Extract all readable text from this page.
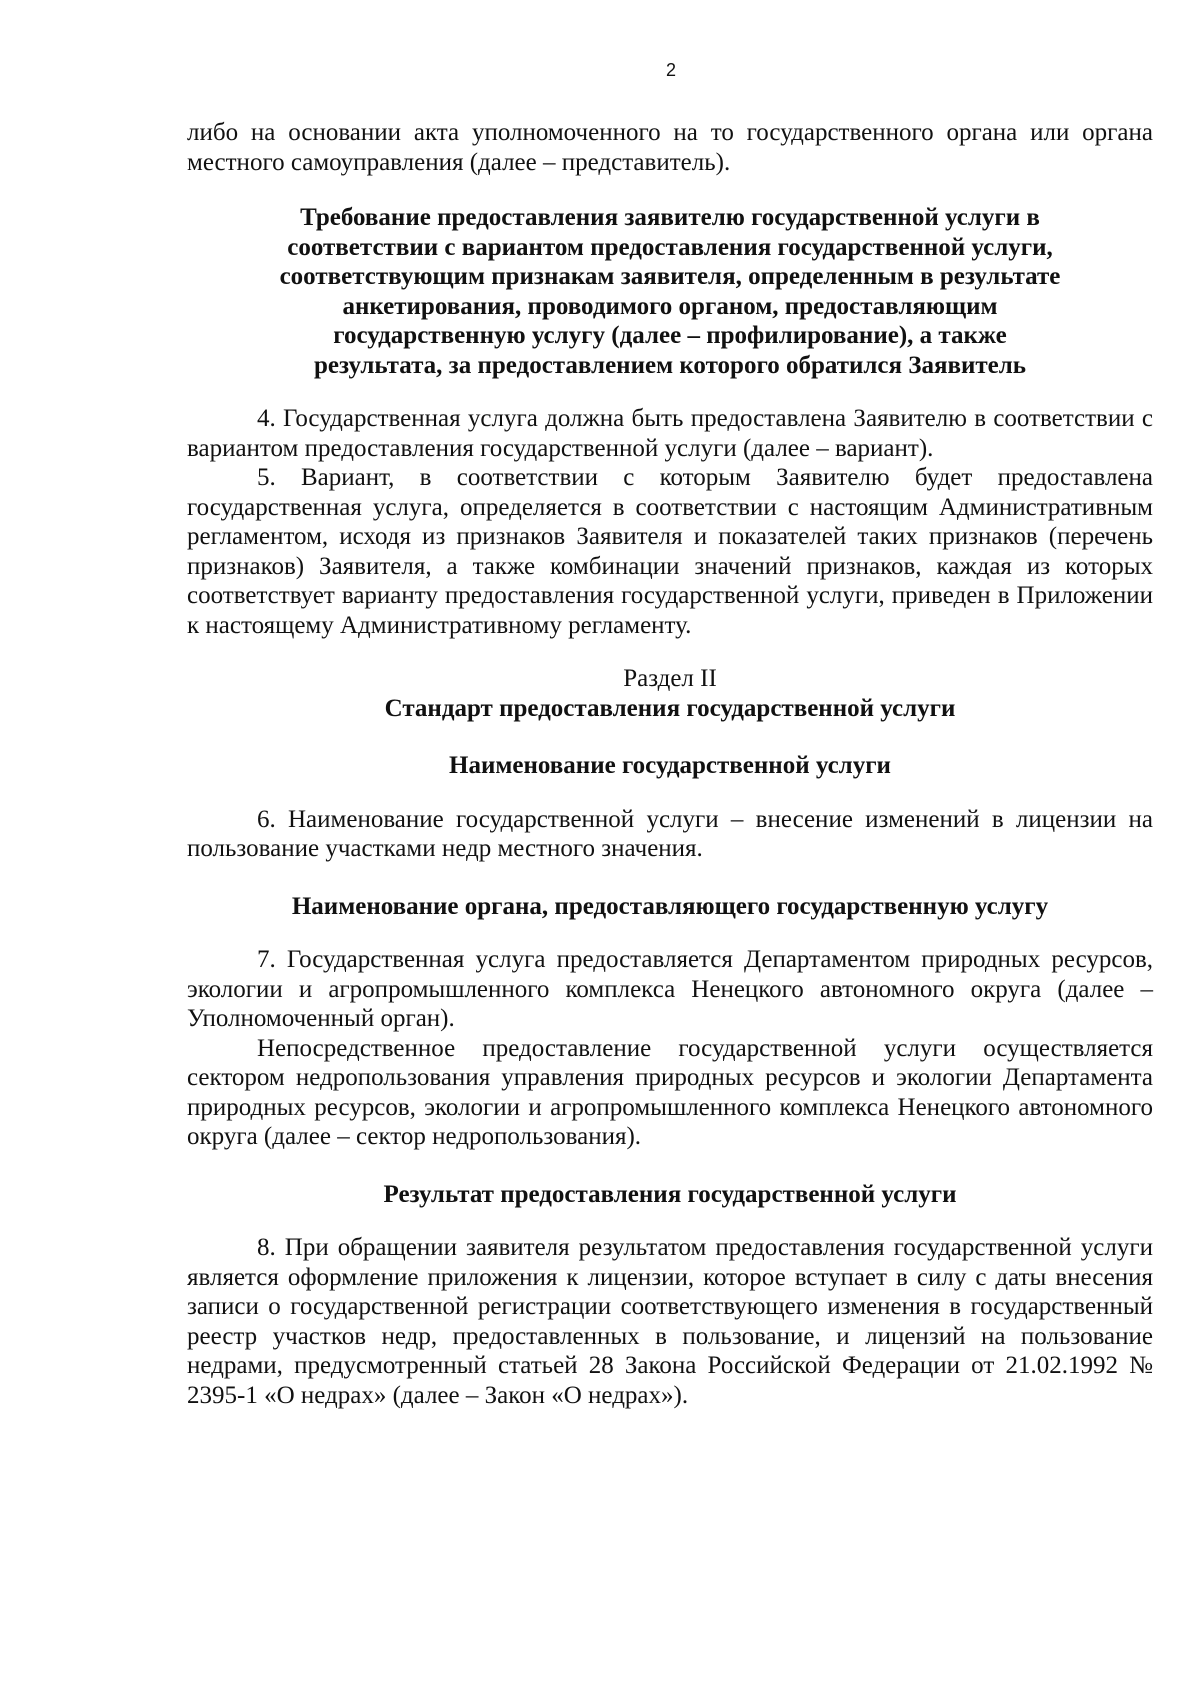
2

либо на основании акта уполномоченного на то государственного органа или органа местного самоуправления (далее – представитель).

Требование предоставления заявителю государственной услуги в соответствии с вариантом предоставления государственной услуги, соответствующим признакам заявителя, определенным в результате анкетирования, проводимого органом, предоставляющим государственную услугу (далее – профилирование), а также результата, за предоставлением которого обратился Заявитель

4. Государственная услуга должна быть предоставлена Заявителю в соответствии с вариантом предоставления государственной услуги (далее – вариант).

5. Вариант, в соответствии с которым Заявителю будет предоставлена государственная услуга, определяется в соответствии с настоящим Административным регламентом, исходя из признаков Заявителя и показателей таких признаков (перечень признаков) Заявителя, а также комбинации значений признаков, каждая из которых соответствует варианту предоставления государственной услуги, приведен в Приложении к настоящему Административному регламенту.

Раздел II

Стандарт предоставления государственной услуги

Наименование государственной услуги

6. Наименование государственной услуги – внесение изменений в лицензии на пользование участками недр местного значения.

Наименование органа, предоставляющего государственную услугу

7. Государственная услуга предоставляется Департаментом природных ресурсов, экологии и агропромышленного комплекса Ненецкого автономного округа (далее – Уполномоченный орган).

Непосредственное предоставление государственной услуги осуществляется сектором недропользования управления природных ресурсов и экологии Департамента природных ресурсов, экологии и агропромышленного комплекса Ненецкого автономного округа (далее – сектор недропользования).

Результат предоставления государственной услуги

8. При обращении заявителя результатом предоставления государственной услуги является оформление приложения к лицензии, которое вступает в силу с даты внесения записи о государственной регистрации соответствующего изменения в государственный реестр участков недр, предоставленных в пользование, и лицензий на пользование недрами, предусмотренный статьей 28 Закона Российской Федерации от 21.02.1992 № 2395-1 «О недрах» (далее – Закон «О недрах»).
